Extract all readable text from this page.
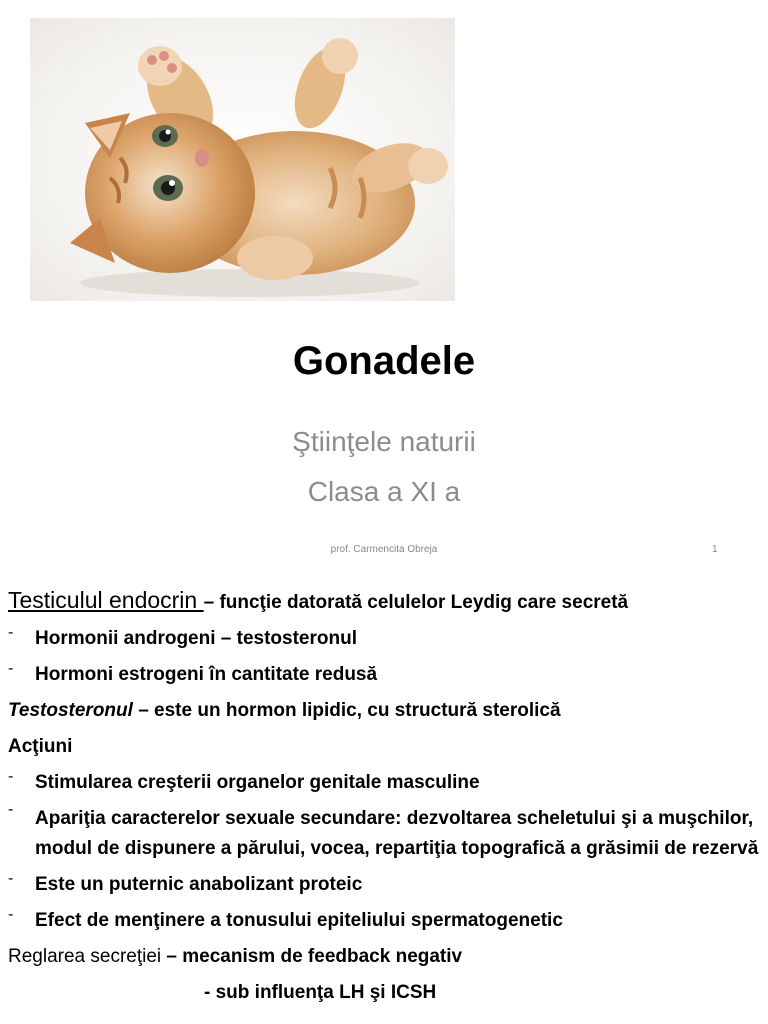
Gonadele
Ştiinţele naturii
Clasa a XI a
prof. Carmencita Obreja	1
Testiculul endocrin – funcţie datorată celulelor Leydig care secretă
- Hormonii androgeni – testosteronul
- Hormoni estrogeni în cantitate redusă
Testosteronul – este un hormon lipidic, cu structură sterolică
Acţiuni
- Stimularea creşterii organelor genitale masculine
- Apariţia caracterelor sexuale secundare: dezvoltarea scheletului şi a muşchilor, modul de dispunere a părului, vocea, repartiţia topografică a grăsimii de rezervă
- Este un puternic anabolizant proteic
- Efect de menţinere a tonusului epiteliului spermatogenetic
Reglarea secreţiei – mecanism de feedback negativ
- sub influenţa LH şi ICSH
